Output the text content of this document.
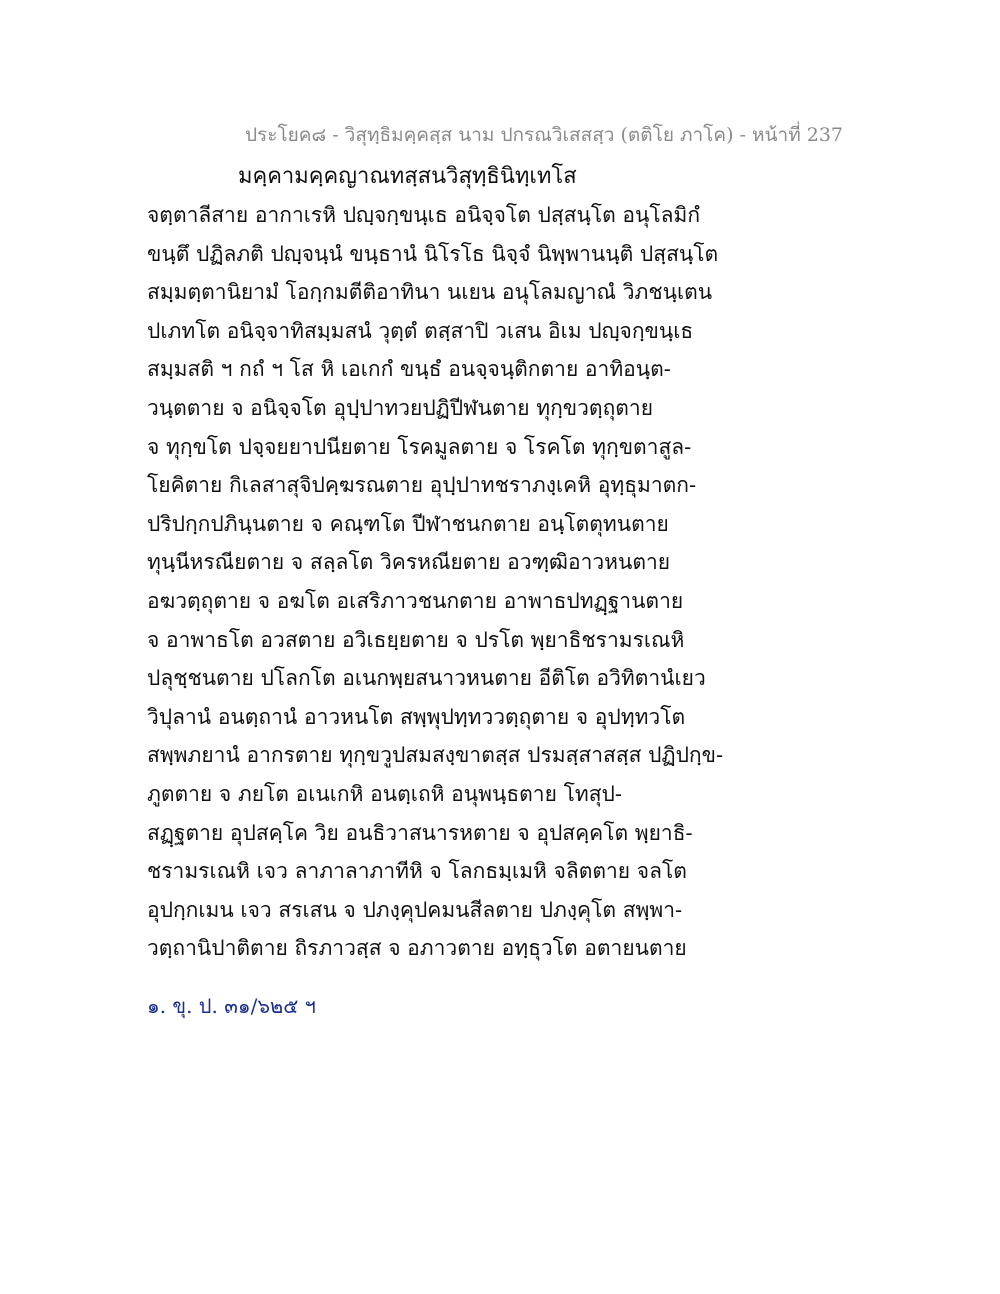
ประโยค๘ - วิสุทฺธิมคฺคสฺส นาม ปกรณวิเสสสฺว (ตติโย ภาโค) - หน้าที่ 237
มคฺคามคฺคญาณทสฺสนวิสุทฺธินิทฺเทโส
จตฺตาลีสาย อากาเรหิ ปญฺจกฺขนฺเธ อนิจฺจโต ปสฺสนฺโต อนุโลมิกํ
ขนฺตึ ปฏิลภติ ปญฺจนฺนํ ขนฺธานํ นิโรโธ นิจฺจํ นิพฺพานนฺติ ปสฺสนฺโต
สมฺมตฺตานิยามํ โอกฺกมตีติอาทินา นเยน อนุโลมญาณํ วิภชนฺเตน
ปเภทโต อนิจฺจาทิสมฺมสนํ วุตฺตํ ตสฺสาปิ วเสน อิเม ปญฺจกฺขนฺเธ
สมฺมสติ ฯ กถํ ฯ โส หิ เอเกกํ ขนฺธํ อนจฺจนฺติกตาย อาทิอนฺต-
วนฺตตาย จ อนิจฺจโต อุปฺปาทวยปฏิปีฬนตาย ทุกฺขวตฺถุตาย
จ ทุกฺขโต ปจฺจยยาปนียตาย โรคมูลตาย จ โรคโต ทุกฺขตาสูล-
โยคิตาย กิเลสาสุจิปคฺฆรณตาย อุปฺปาทชราภงฺเคหิ อุทฺธุมาตก-
ปริปกฺกปภินฺนตาย จ คณฺฑโต ปีฬาชนกตาย อนฺโตตุทนตาย
ทุนฺนีหรณียตาย จ สลฺลโต วิครหณียตาย อวฑฺฒิอาวหนตาย
อฆวตฺถุตาย จ อฆโต อเสริภาวชนกตาย อาพาธปทฏฺฐานตาย
จ อาพาธโต อวสตาย อวิเธยฺยตาย จ ปรโต พฺยาธิชรามรเณหิ
ปลุชฺชนตาย ปโลกโต อเนกพฺยสนาวหนตาย อีติโต อวิทิตานํเยว
วิปุลานํ อนตฺถานํ อาวหนโต สพฺพุปทฺทววตฺถุตาย จ อุปทฺทวโต
สพฺพภยานํ อากรตาย ทุกฺขวูปสมสงฺขาตสฺส ปรมสฺสาสสฺส ปฏิปกฺข-
ภูตตาย จ ภยโต อเนเกหิ อนตฺเถหิ อนุพนฺธตาย โทสุป-
สฏฺฐตาย อุปสคฺโค วิย อนธิวาสนารหตาย จ อุปสคฺคโต พฺยาธิ-
ชรามรเณหิ เจว ลาภาลาภาทีหิ จ โลกธมฺเมหิ จลิตตาย จลโต
อุปกฺกเมน เจว สรเสน จ ปภงฺคุปคมนสีลตาย ปภงฺคุโต สพฺพา-
วตฺถานิปาติตาย ถิรภาวสฺส จ อภาวตาย อทฺธุวโต อตายนตาย
๑. ขุ. ป. ๓๑/๖๒๕ ฯ
